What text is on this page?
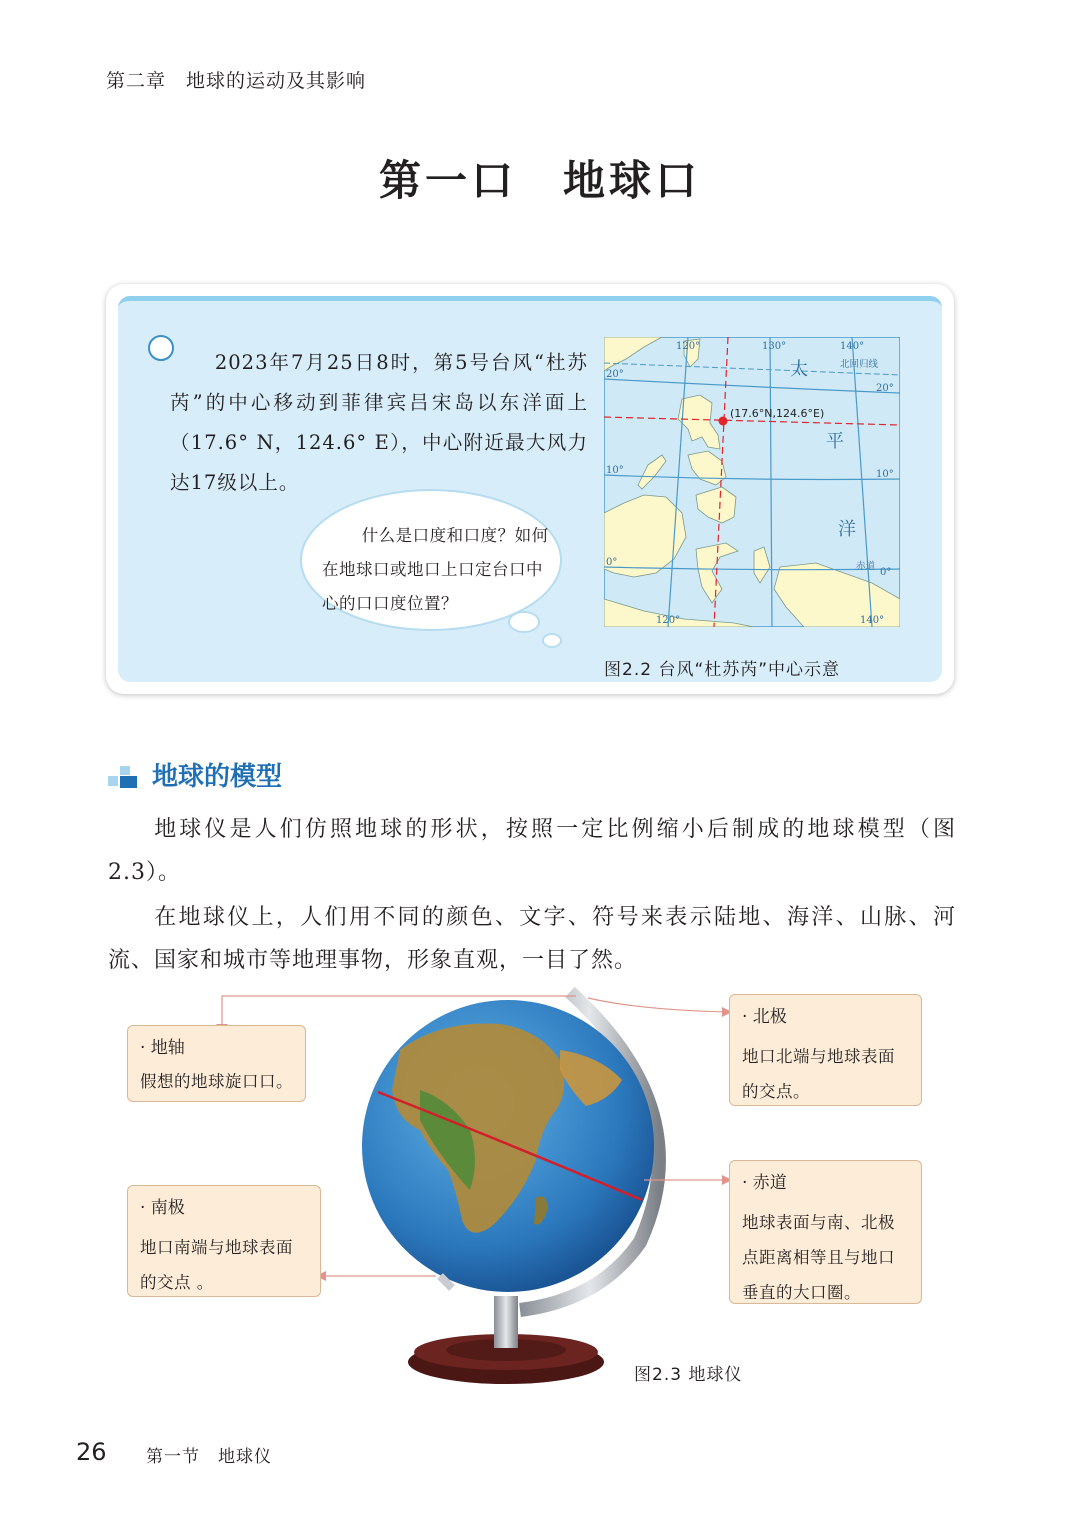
第二章　地球的运动及其影响
第一口　地球口
2023年7月25日8时，第5号台风“杜苏芮”的中心移动到菲律宾吕宋岛以东洋面上（17.6° N，124.6° E），中心附近最大风力达17级以上。
什么是口度和口度？如何在地球口或地口上口定台口中心的口口度位置？
(17.6°N,124.6°E)
120°	130°	140°
120°	140°
20°
10°
0°
20°
10°
0°
北回归线
赤道
太
平
洋
图2.2 台风“杜苏芮”中心示意
地球的模型
地球仪是人们仿照地球的形状，按照一定比例缩小后制成的地球模型（图2.3）。
在地球仪上，人们用不同的颜色、文字、符号来表示陆地、海洋、山脉、河流、国家和城市等地理事物，形象直观，一目了然。
· 地轴
假想的地球旋口口。
· 南极
地口南端与地球表面的交点 。
· 北极
地口北端与地球表面的交点。
· 赤道
地球表面与南、北极点距离相等且与地口垂直的大口圈。
图2.3 地球仪
26 第一节　地球仪
